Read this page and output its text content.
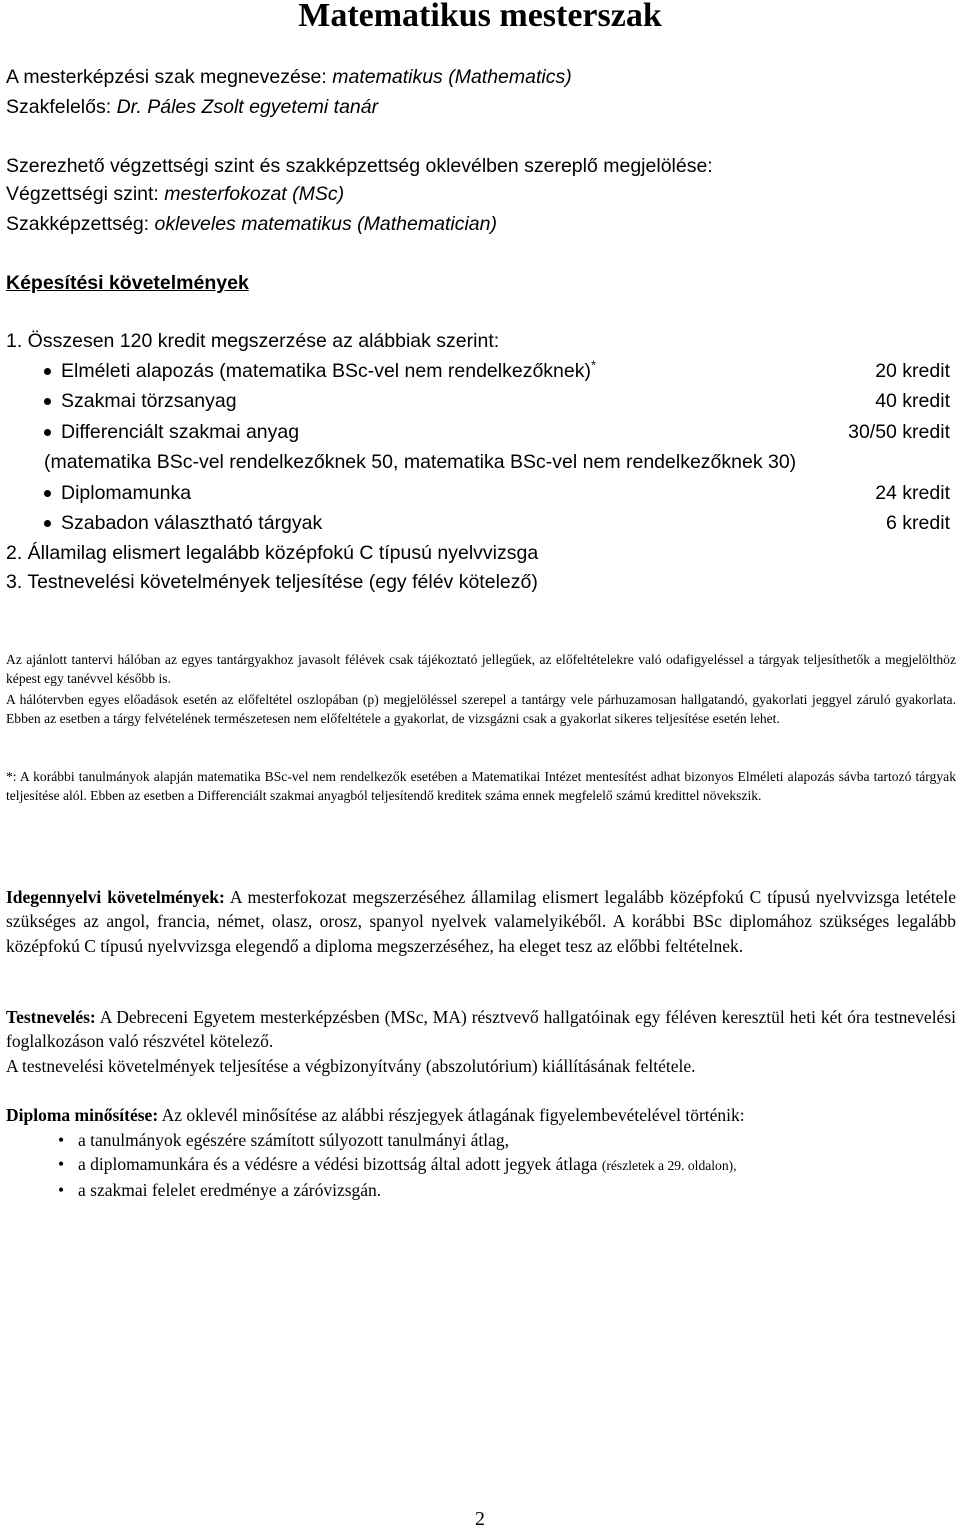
Matematikus mesterszak
A mesterképzési szak megnevezése: matematikus (Mathematics)
Szakfelelős: Dr. Páles Zsolt egyetemi tanár
Szerezhető végzettségi szint és szakképzettség oklevélben szereplő megjelölése:
Végzettségi szint: mesterfokozat (MSc)
Szakképzettség: okleveles matematikus (Mathematician)
Képesítési követelmények
1. Összesen 120 kredit megszerzése az alábbiak szerint:
Elméleti alapozás (matematika BSc-vel nem rendelkezőknek)*	20 kredit
Szakmai törzsanyag	40 kredit
Differenciált szakmai anyag	30/50 kredit
(matematika BSc-vel rendelkezőknek 50, matematika BSc-vel nem rendelkezőknek 30)
Diplomamunka	24 kredit
Szabadon választható tárgyak	6 kredit
2. Államilag elismert legalább középfokú C típusú nyelvvizsga
3. Testnevelési követelmények teljesítése (egy félév kötelező)
Az ajánlott tantervi hálóban az egyes tantárgyakhoz javasolt félévek csak tájékoztató jellegűek, az előfeltételekre való odafigyeléssel a tárgyak teljesíthetők a megjelölthöz képest egy tanévvel később is.
A hálótervben egyes előadások esetén az előfeltétel oszlopában (p) megjelöléssel szerepel a tantárgy vele párhuzamosan hallgatandó, gyakorlati jeggyel záruló gyakorlata. Ebben az esetben a tárgy felvételének természetesen nem előfeltétele a gyakorlat, de vizsgázni csak a gyakorlat sikeres teljesítése esetén lehet.
*: A korábbi tanulmányok alapján matematika BSc-vel nem rendelkezők esetében a Matematikai Intézet mentesítést adhat bizonyos Elméleti alapozás sávba tartozó tárgyak teljesítése alól. Ebben az esetben a Differenciált szakmai anyagból teljesítendő kreditek száma ennek megfelelő számú kredittel növekszik.
Idegennyelvi követelmények: A mesterfokozat megszerzéséhez államilag elismert legalább középfokú C típusú nyelvvizsga letétele szükséges az angol, francia, német, olasz, orosz, spanyol nyelvek valamelyikéből. A korábbi BSc diplomához szükséges legalább középfokú C típusú nyelvvizsga elegendő a diploma megszerzéséhez, ha eleget tesz az előbbi feltételnek.
Testnevelés: A Debreceni Egyetem mesterképzésben (MSc, MA) résztvevő hallgatóinak egy féléven keresztül heti két óra testnevelési foglalkozáson való részvétel kötelező.
A testnevelési követelmények teljesítése a végbizonyítvány (abszolutórium) kiállításának feltétele.
Diploma minősítése: Az oklevél minősítése az alábbi részjegyek átlagának figyelembevételével történik:
• a tanulmányok egészére számított súlyozott tanulmányi átlag,
• a diplomamunkára és a védésre a védési bizottság által adott jegyek átlaga (részletek a 29. oldalon),
• a szakmai felelet eredménye a záróvizsgán.
2
